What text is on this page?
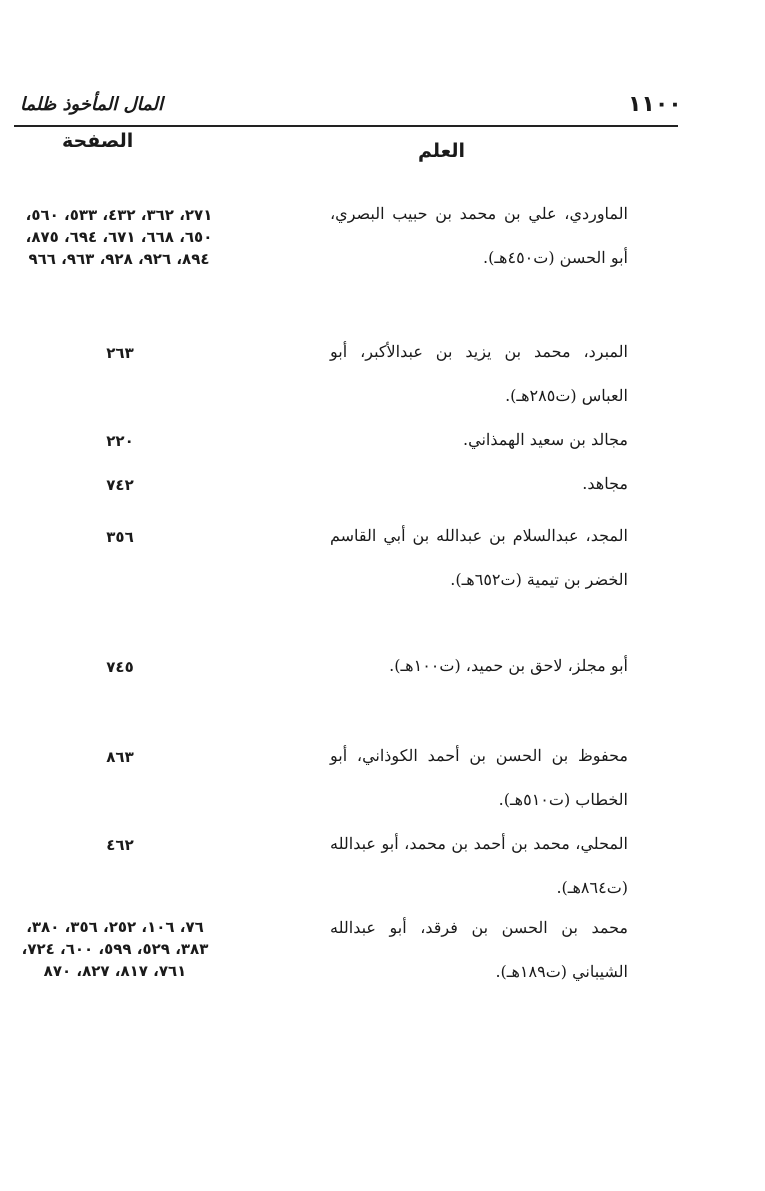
١١٠٠
المال المأخوذ ظلما
العلم
الصفحة
الماوردي، علي بن محمد بن حبيب البصري، أبو الحسن (ت٤٥٠هـ).
٢٧١، ٣٦٢، ٤٣٢، ٥٣٣، ٥٦٠، ٦٥٠، ٦٦٨، ٦٧١، ٦٩٤، ٨٧٥، ٨٩٤، ٩٢٦، ٩٢٨، ٩٦٣، ٩٦٦
المبرد، محمد بن يزيد بن عبدالأكبر، أبو العباس (ت٢٨٥هـ).
٢٦٣
مجالد بن سعيد الهمذاني.
٢٢٠
مجاهد.
٧٤٢
المجد، عبدالسلام بن عبدالله بن أبي القاسم الخضر بن تيمية (ت٦٥٢هـ).
٣٥٦
أبو مجلز، لاحق بن حميد، (ت١٠٠هـ).
٧٤٥
محفوظ بن الحسن بن أحمد الكوذاني، أبو الخطاب (ت٥١٠هـ).
٨٦٣
المحلي، محمد بن أحمد بن محمد، أبو عبدالله (ت٨٦٤هـ).
٤٦٢
محمد بن الحسن بن فرقد، أبو عبدالله الشيباني (ت١٨٩هـ).
٧٦، ١٠٦، ٢٥٢، ٣٥٦، ٣٨٠، ٣٨٣، ٥٢٩، ٥٩٩، ٦٠٠، ٧٢٤، ٧٦١، ٨١٧، ٨٢٧، ٨٧٠
